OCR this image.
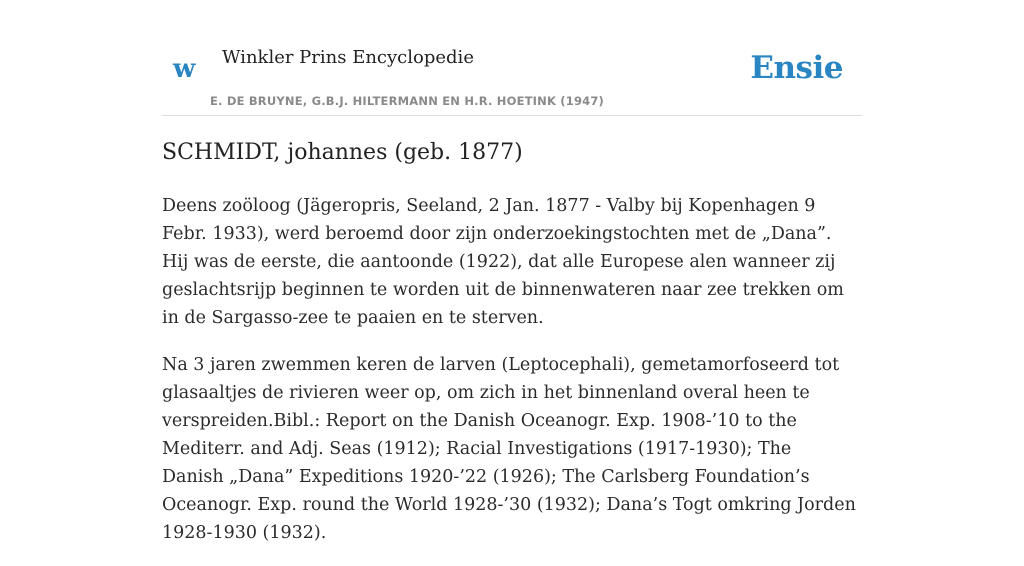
w Winkler Prins Encyclopedie
E. DE BRUYNE, G.B.J. HILTERMANN EN H.R. HOETINK (1947)
Ensie
SCHMIDT, johannes (geb. 1877)

Deens zoöloog (Jägeropris, Seeland, 2 Jan. 1877 - Valby bij Kopenhagen 9 Febr. 1933), werd beroemd door zijn onderzoekingstochten met de „Dana”. Hij was de eerste, die aantoonde (1922), dat alle Europese alen wanneer zij geslachtsrijp beginnen te worden uit de binnenwateren naar zee trekken om in de Sargasso-zee te paaien en te sterven.

Na 3 jaren zwemmen keren de larven (Leptocephali), gemetamorfoseerd tot glasaaltjes de rivieren weer op, om zich in het binnenland overal heen te verspreiden.Bibl.: Report on the Danish Oceanogr. Exp. 1908-’10 to the Mediterr. and Adj. Seas (1912); Racial Investigations (1917-1930); The Danish „Dana” Expeditions 1920-’22 (1926); The Carlsberg Foundation’s Oceanogr. Exp. round the World 1928-’30 (1932); Dana’s Togt omkring Jorden 1928-1930 (1932).
